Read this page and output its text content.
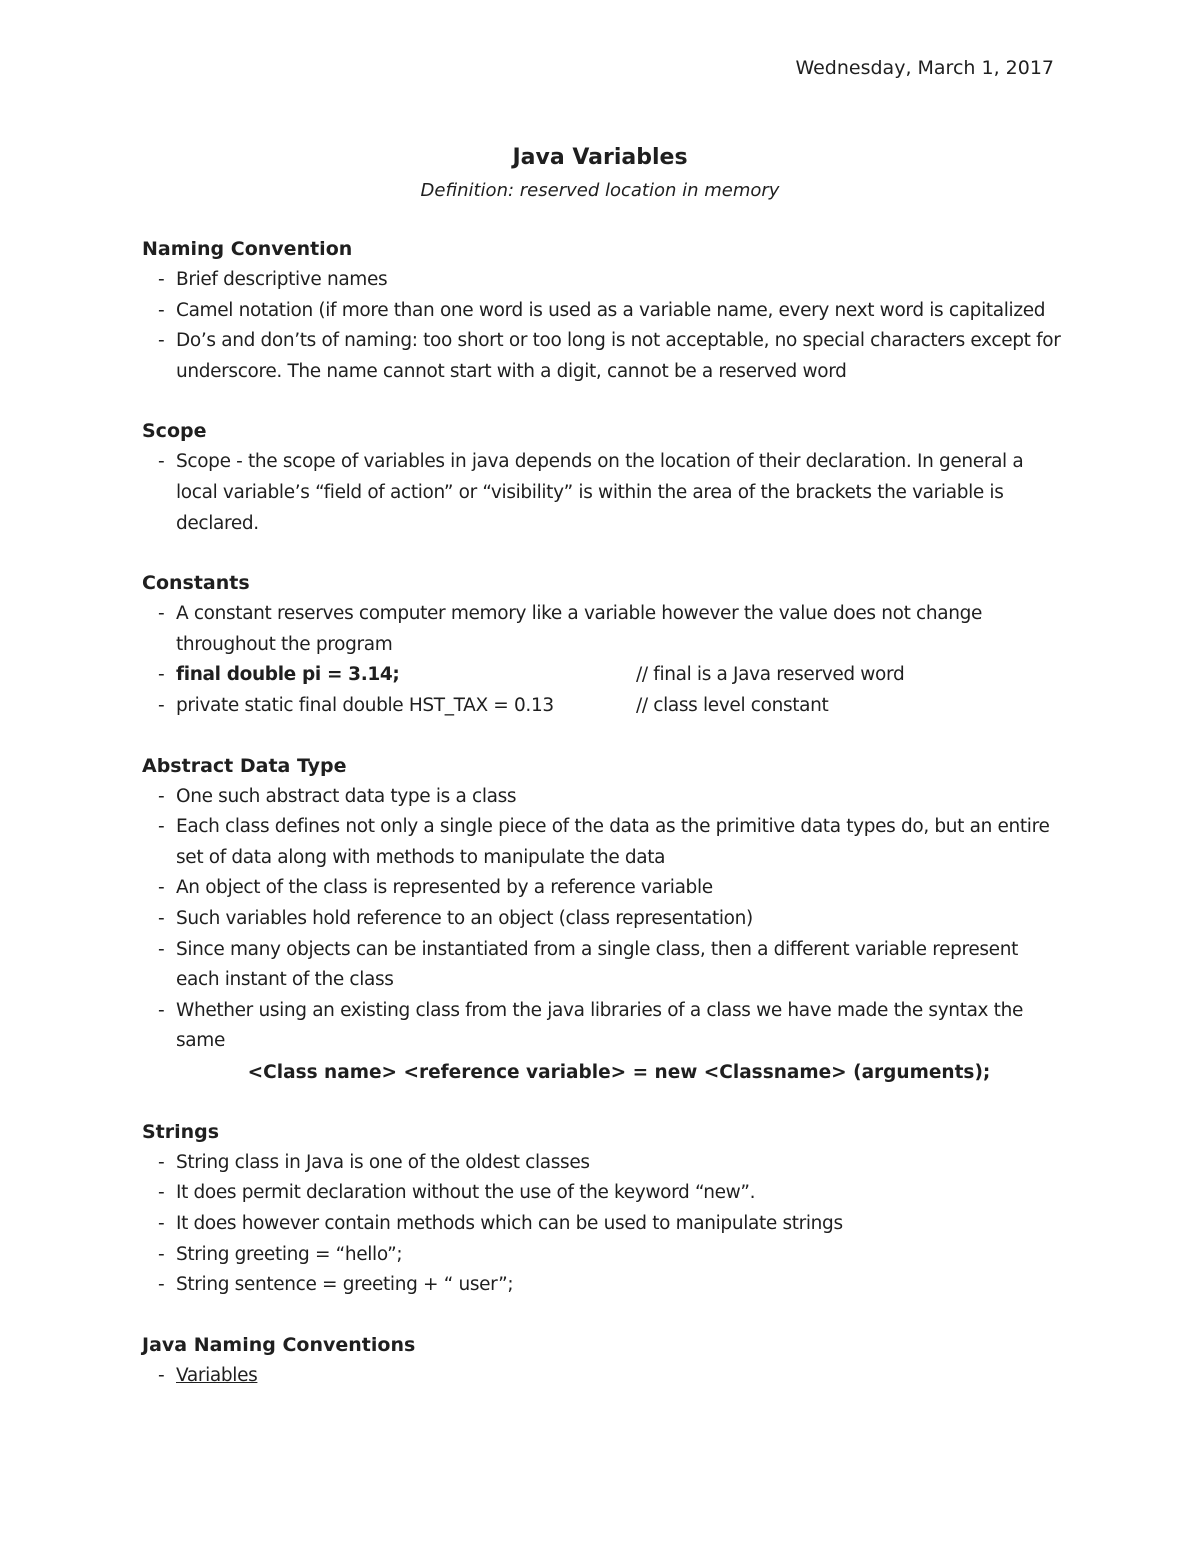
Wednesday, March 1, 2017
Java Variables
Definition: reserved location in memory
Naming Convention
- Brief descriptive names
- Camel notation (if more than one word is used as a variable name, every next word is capitalized
- Do’s and don’ts of naming: too short or too long is not acceptable, no special characters except for underscore. The name cannot start with a digit, cannot be a reserved word
Scope
- Scope - the scope of variables in java depends on the location of their declaration. In general a local variable’s “field of action” or “visibility” is within the area of the brackets the variable is declared.
Constants
- A constant reserves computer memory like a variable however the value does not change throughout the program
- final double pi = 3.14;	// final is a Java reserved word
- private static final double HST_TAX = 0.13	// class level constant
Abstract Data Type
- One such abstract data type is a class
- Each class defines not only a single piece of the data as the primitive data types do, but an entire set of data along with methods to manipulate the data
- An object of the class is represented by a reference variable
- Such variables hold reference to an object (class representation)
- Since many objects can be instantiated from a single class, then a different variable represent each instant of the class
- Whether using an existing class from the java libraries of a class we have made the syntax the same
<Class name> <reference variable> = new <Classname> (arguments);
Strings
- String class in Java is one of the oldest classes
- It does permit declaration without the use of the keyword “new”.
- It does however contain methods which can be used to manipulate strings
- String greeting = “hello”;
- String sentence = greeting + “ user”;
Java Naming Conventions
- Variables
